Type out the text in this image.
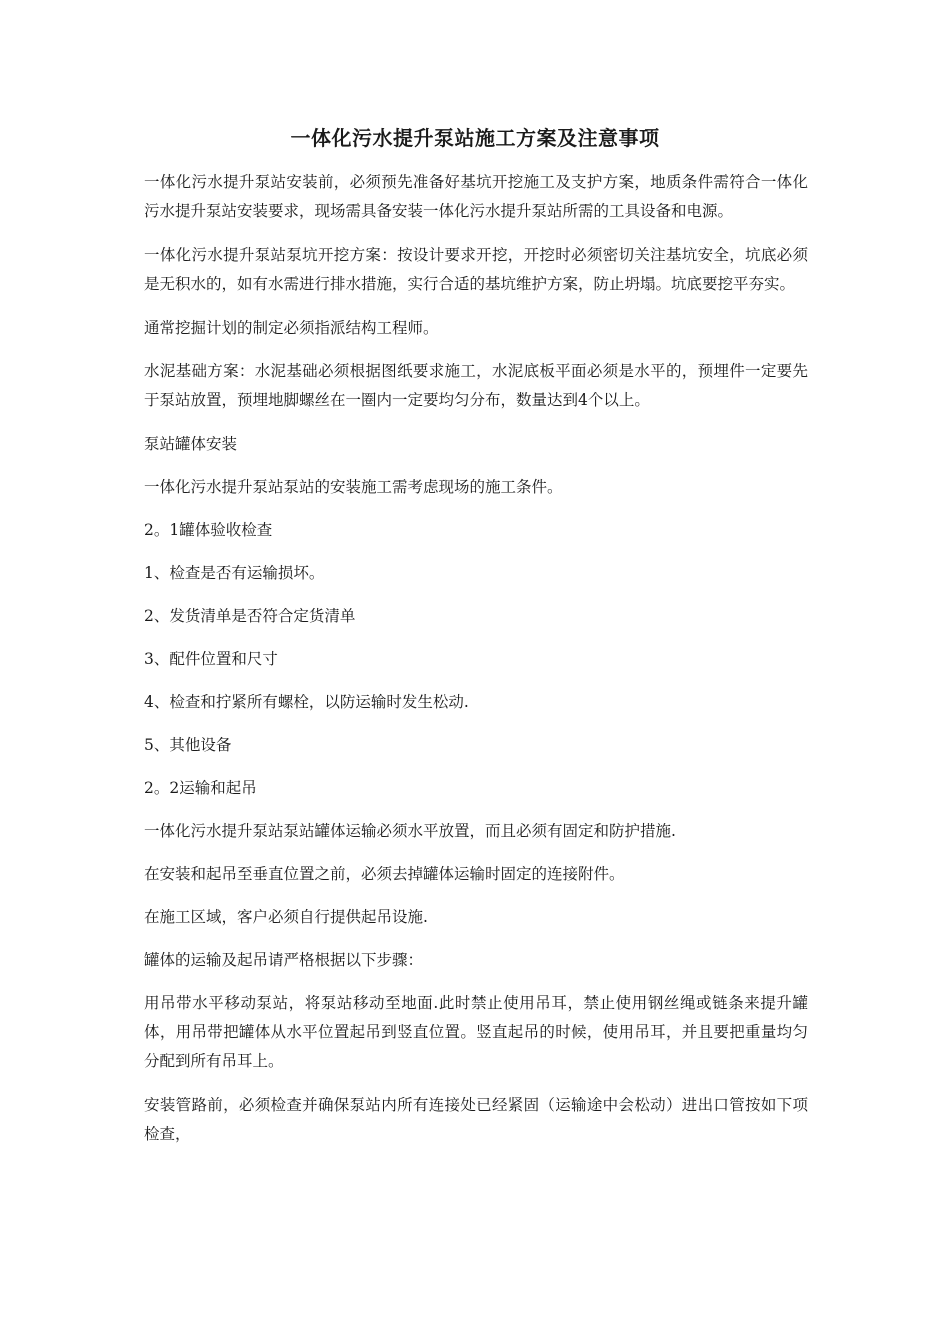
一体化污水提升泵站施工方案及注意事项

一体化污水提升泵站安装前，必须预先准备好基坑开挖施工及支护方案，地质条件需符合一体化污水提升泵站安装要求，现场需具备安装一体化污水提升泵站所需的工具设备和电源。

一体化污水提升泵站泵坑开挖方案：按设计要求开挖，开挖时必须密切关注基坑安全，坑底必须是无积水的，如有水需进行排水措施，实行合适的基坑维护方案，防止坍塌。坑底要挖平夯实。

通常挖掘计划的制定必须指派结构工程师。

水泥基础方案：水泥基础必须根据图纸要求施工，水泥底板平面必须是水平的，预埋件一定要先于泵站放置，预埋地脚螺丝在一圈内一定要均匀分布，数量达到4个以上。

泵站罐体安装

一体化污水提升泵站泵站的安装施工需考虑现场的施工条件。

2。1罐体验收检查

1、检查是否有运输损坏。

2、发货清单是否符合定货清单

3、配件位置和尺寸

4、检查和拧紧所有螺栓，以防运输时发生松动.

5、其他设备

2。2运输和起吊

一体化污水提升泵站泵站罐体运输必须水平放置，而且必须有固定和防护措施.

在安装和起吊至垂直位置之前，必须去掉罐体运输时固定的连接附件。

在施工区域，客户必须自行提供起吊设施.

罐体的运输及起吊请严格根据以下步骤：

用吊带水平移动泵站，将泵站移动至地面.此时禁止使用吊耳，禁止使用钢丝绳或链条来提升罐体，用吊带把罐体从水平位置起吊到竖直位置。竖直起吊的时候，使用吊耳，并且要把重量均匀分配到所有吊耳上。

安装管路前，必须检查并确保泵站内所有连接处已经紧固（运输途中会松动）进出口管按如下项检查，
